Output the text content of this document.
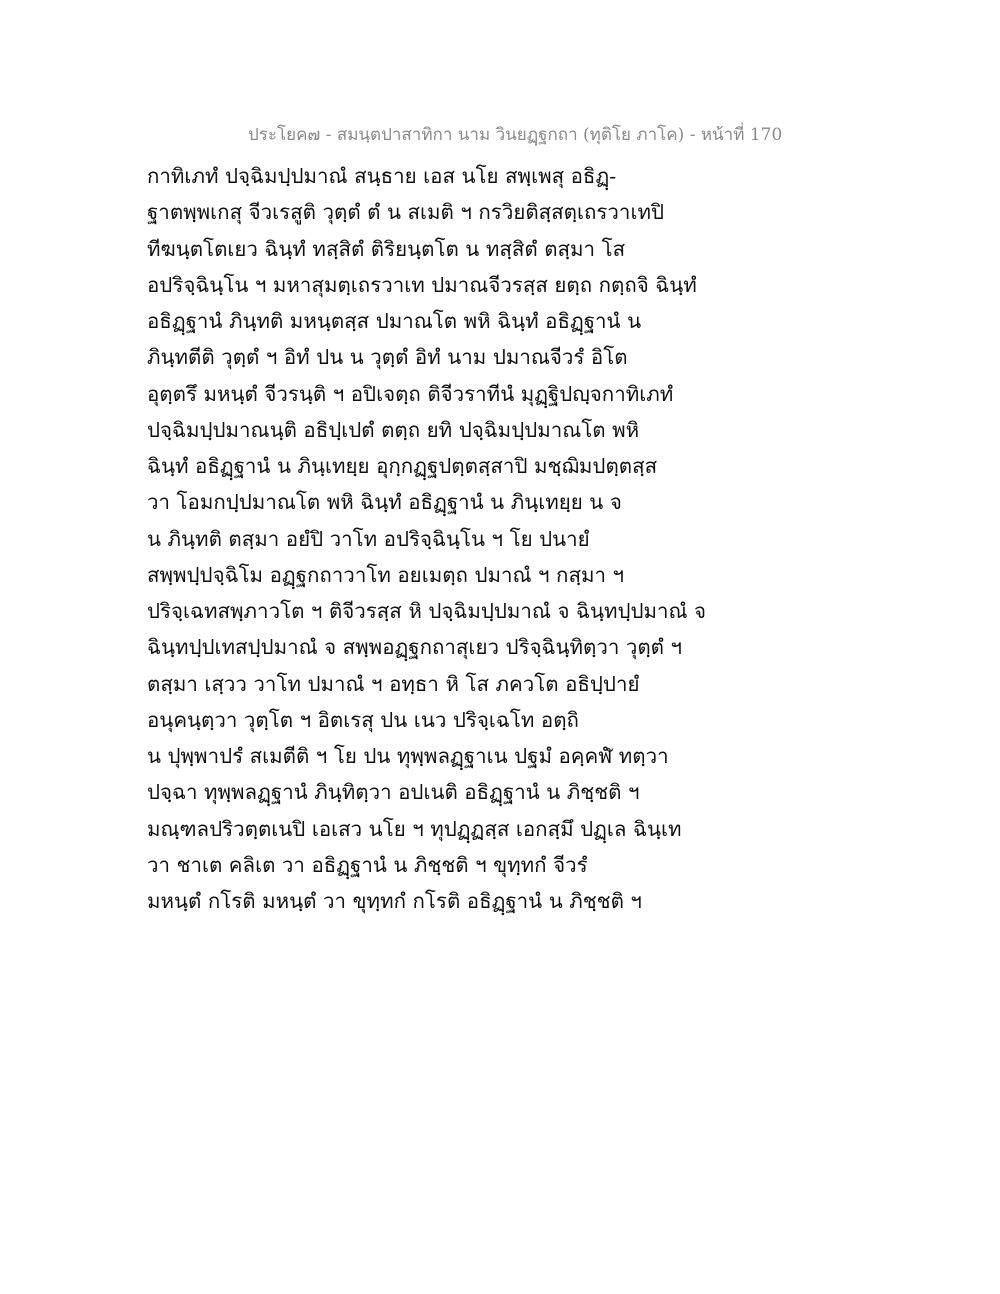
ประโยค๗ - สมนฺตปาสาทิกา นาม วินยฏฺฐกถา (ทุติโย ภาโค) - หน้าที่ 170
กาทิเภทํ ปจฺฉิมปฺปมาณํ สนฺธาย เอส นโย สพฺเพสุ อธิฏฺ-
ฐาตพฺพเกสุ จีวเรสูติ วุตฺตํ ตํ น สเมติ ฯ กรวิยติสฺสตฺเถรวาเทปิ
ทีฆนฺตโตเยว ฉินฺทํ ทสฺสิตํ ติริยนฺตโต น ทสฺสิตํ ตสฺมา โส
อปริจฺฉินฺโน ฯ มหาสุมตฺเถรวาเท ปมาณจีวรสฺส ยตฺถ กตฺถจิ ฉินฺทํ
อธิฏฺฐานํ ภินฺทติ มหนฺตสฺส ปมาณโต พหิ ฉินฺทํ อธิฏฺฐานํ น
ภินฺทตีติ วุตฺตํ ฯ อิทํ ปน น วุตฺตํ อิทํ นาม ปมาณจีวรํ อิโต
อุตฺตรึ มหนฺตํ จีวรนฺติ ฯ อปิเจตฺถ ติจีวราทีนํ มุฏฺฐิปญฺจกาทิเภทํ
ปจฺฉิมปฺปมาณนฺติ อธิปฺเปตํ ตตฺถ ยทิ ปจฺฉิมปฺปมาณโต พหิ
ฉินฺทํ อธิฏฺฐานํ น ภินฺเทยฺย อุกฺกฏฺฐปตฺตสฺสาปิ มชฺฌิมปตฺตสฺส
วา โอมกปฺปมาณโต พหิ ฉินฺทํ อธิฏฺฐานํ น ภินฺเทยฺย น จ
น ภินฺทติ ตสฺมา อยํปิ วาโท อปริจฺฉินฺโน ฯ โย ปนายํ
สพฺพปฺปจฺฉิโม อฏฺฐกถาวาโท อยเมตฺถ ปมาณํ ฯ กสฺมา ฯ
ปริจฺเฉทสพฺภาวโต ฯ ติจีวรสฺส หิ ปจฺฉิมปฺปมาณํ จ ฉินฺทปฺปมาณํ จ
ฉินฺทปฺปเทสปฺปมาณํ จ สพฺพอฏฺฐกถาสุเยว ปริจฺฉินฺทิตฺวา วุตฺตํ ฯ
ตสฺมา เสฺวว วาโท ปมาณํ ฯ อทฺธา หิ โส ภควโต อธิปฺปายํ
อนุคนฺตฺวา วุตฺโต ฯ อิตเรสุ ปน เนว ปริจฺเฉโท อตฺถิ
น ปุพฺพาปรํ สเมตีติ ฯ โย ปน ทุพฺพลฏฺฐาเน ปฐมํ อคฺคฬํ ทตฺวา
ปจฺฉา ทุพฺพลฏฺฐานํ ภินฺทิตฺวา อปเนติ อธิฏฺฐานํ น ภิชฺชติ ฯ
มณฺฑลปริวตฺตเนปิ เอเสว นโย ฯ ทุปฏฺฏสฺส เอกสฺมึ ปฏฺเล ฉินฺเท
วา ชาเต คลิเต วา อธิฏฺฐานํ น ภิชฺชติ ฯ ขุทฺทกํ จีวรํ
มหนฺตํ กโรติ มหนฺตํ วา ขุทฺทกํ กโรติ อธิฏฺฐานํ น ภิชฺชติ ฯ
